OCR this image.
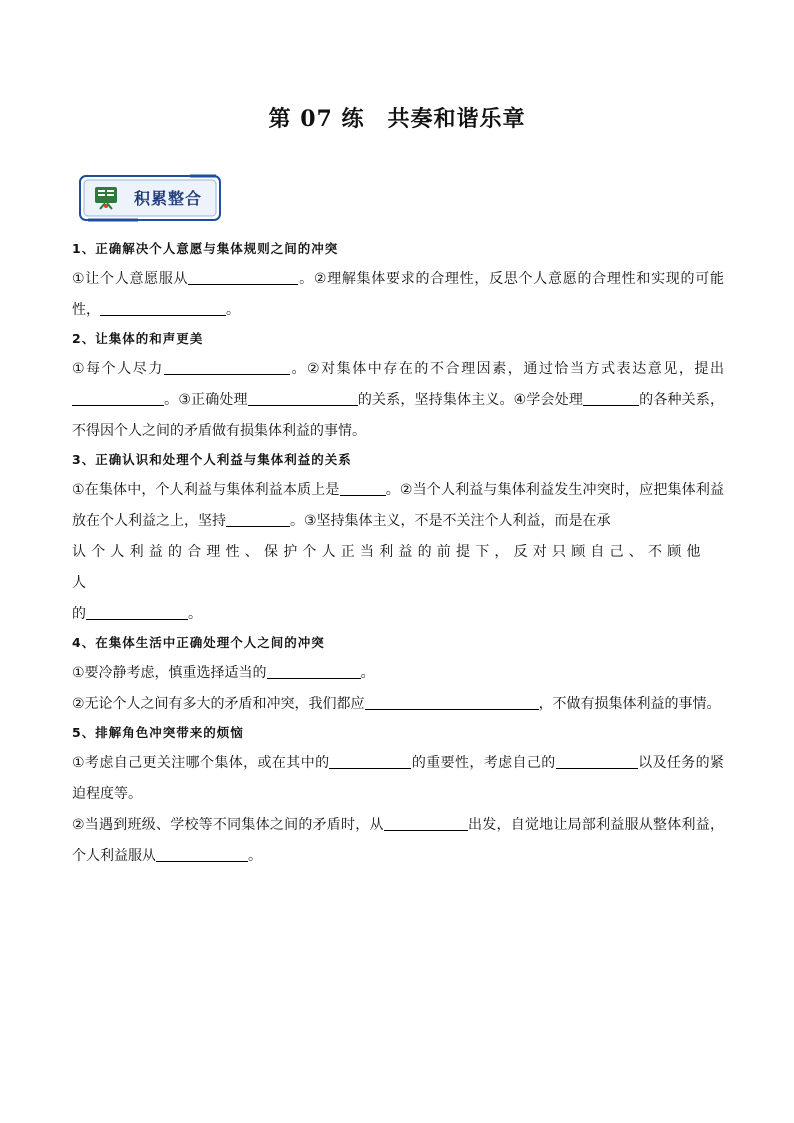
第 07 练　共奏和谐乐章
积累整合
1、正确解决个人意愿与集体规则之间的冲突

①让个人意愿服从	。②理解集体要求的合理性，反思个人意愿的合理性和实现的可能性，	。

2、让集体的和声更美

①每个人尽力	。②对集体中存在的不合理因素，通过恰当方式表达意见，提出。③正确处理	的关系，坚持集体主义。④学会处理	的各种关系，不得因个人之间的矛盾做有损集体利益的事情。

3、正确认识和处理个人利益与集体利益的关系

①在集体中，个人利益与集体利益本质上是	。②当个人利益与集体利益发生冲突时，应把集体利益放在个人利益之上，坚持	。③坚持集体主义，不是不关注个人利益，而是在承

认个人利益的合理性、保护个人正当利益的前提下，反对只顾自己、不顾他人

的	。

4、在集体生活中正确处理个人之间的冲突

①要冷静考虑，慎重选择适当的	。

②无论个人之间有多大的矛盾和冲突，我们都应	，不做有损集体利益的事情。

5、排解角色冲突带来的烦恼

①考虑自己更关注哪个集体，或在其中的	的重要性，考虑自己的	以及任务的紧迫程度等。

②当遇到班级、学校等不同集体之间的矛盾时，从	出发，自觉地让局部利益服从整体利益，个人利益服从	。
